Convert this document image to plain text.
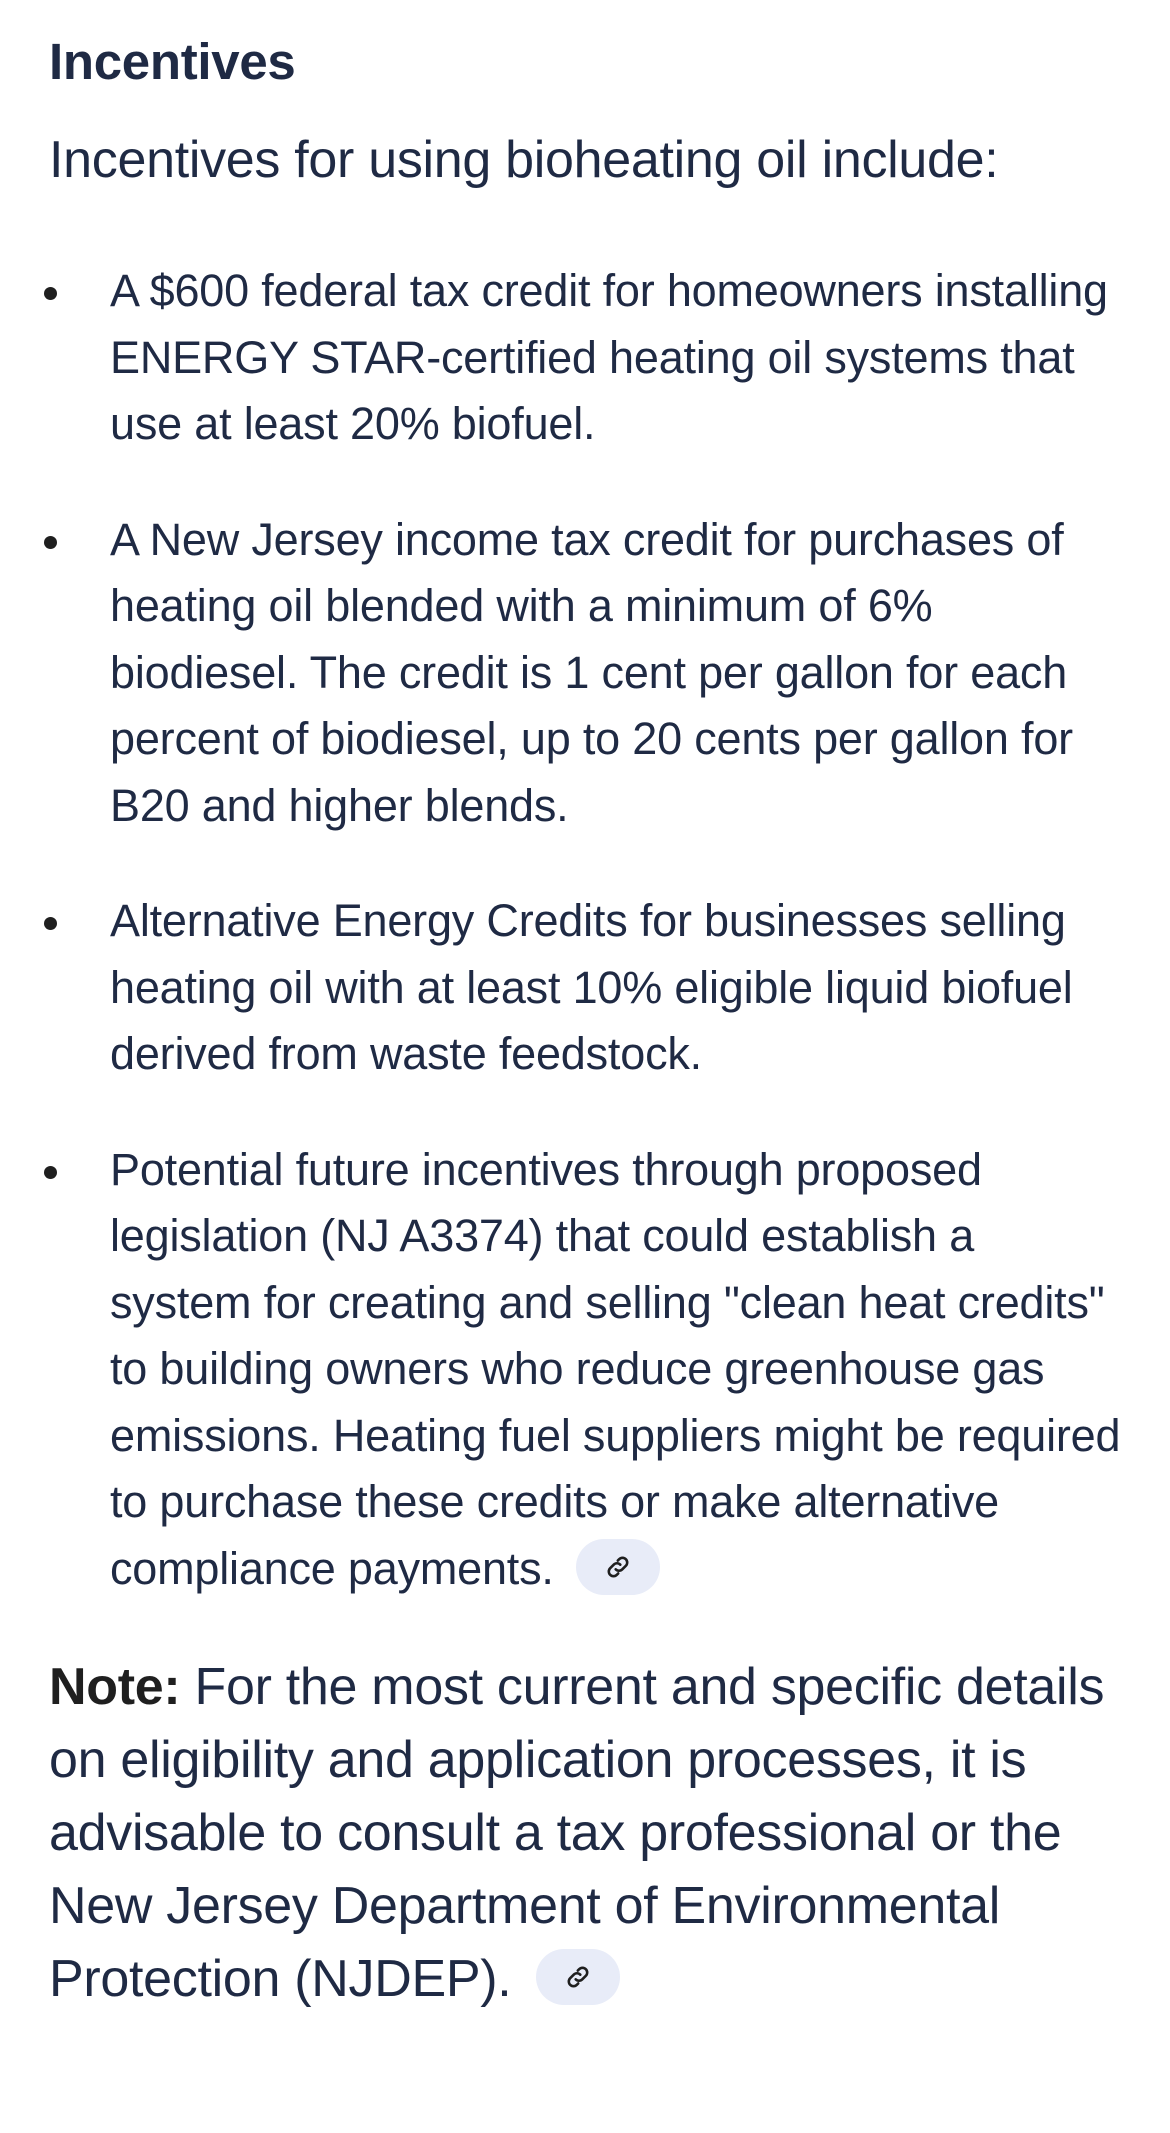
Incentives

Incentives for using bioheating oil include:

A $600 federal tax credit for homeowners installing ENERGY STAR-certified heating oil systems that use at least 20% biofuel.
A New Jersey income tax credit for purchases of heating oil blended with a minimum of 6% biodiesel. The credit is 1 cent per gallon for each percent of biodiesel, up to 20 cents per gallon for B20 and higher blends.
Alternative Energy Credits for businesses selling heating oil with at least 10% eligible liquid biofuel derived from waste feedstock.
Potential future incentives through proposed legislation (NJ A3374) that could establish a system for creating and selling "clean heat credits" to building owners who reduce greenhouse gas emissions. Heating fuel suppliers might be required to purchase these credits or make alternative compliance payments.

Note: For the most current and specific details on eligibility and application processes, it is advisable to consult a tax professional or the New Jersey Department of Environmental Protection (NJDEP).
